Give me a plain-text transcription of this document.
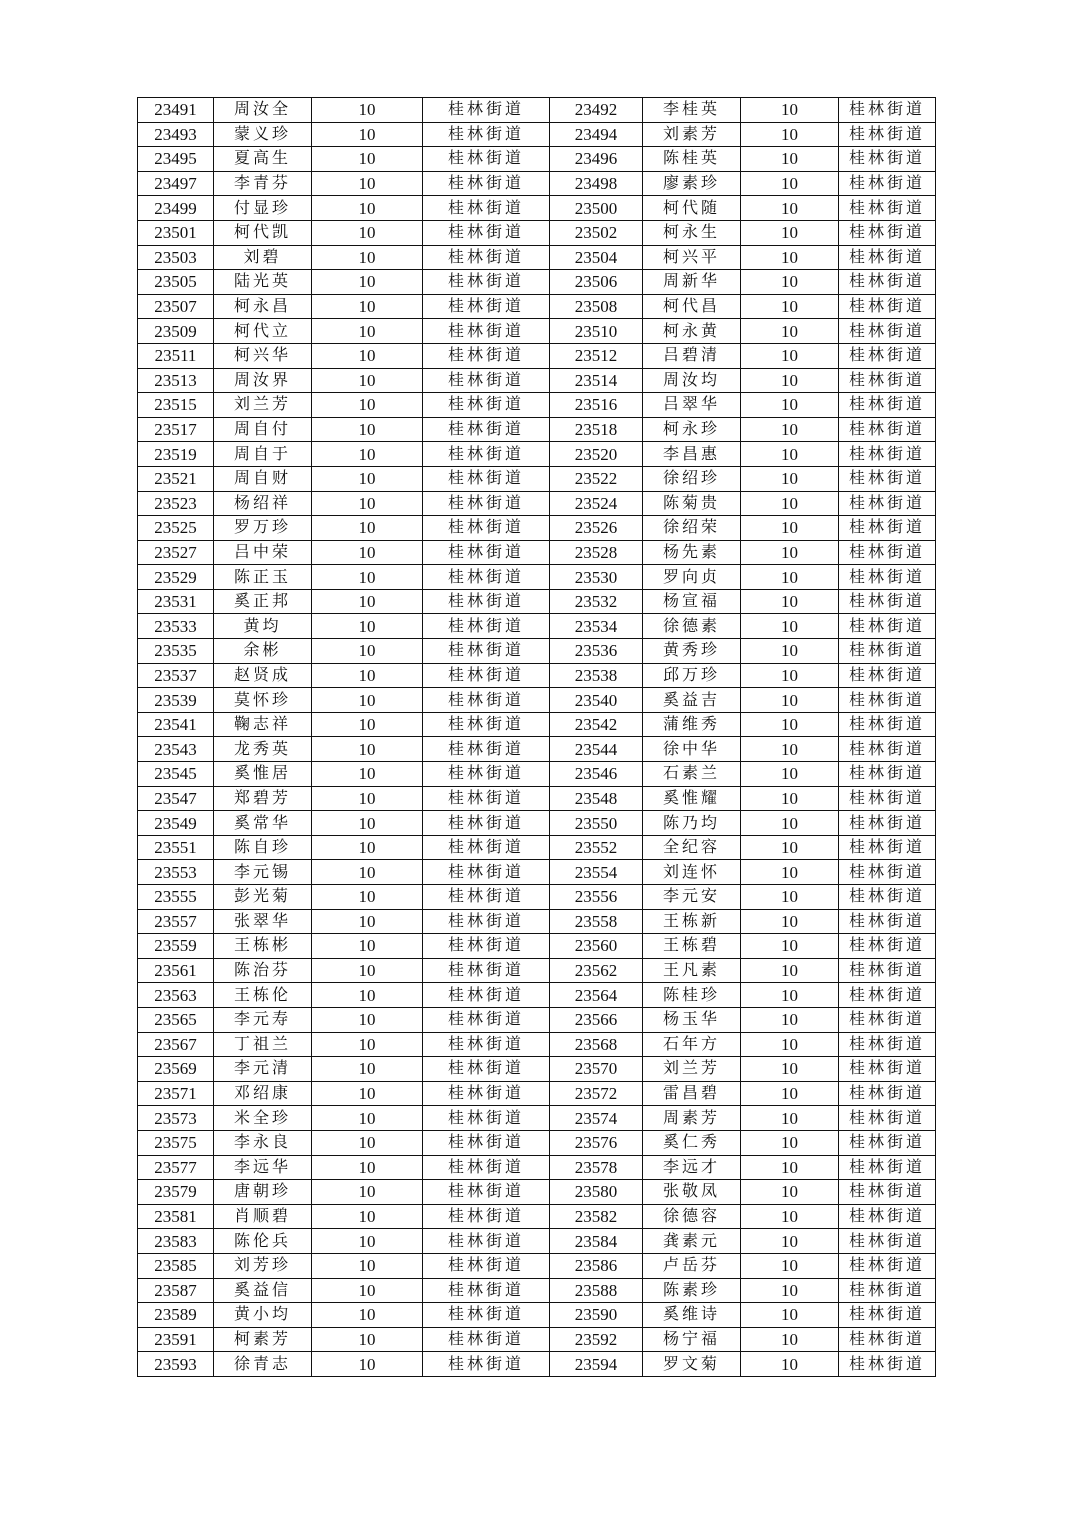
23491	周汝全	10	桂林街道	23492	李桂英	10	桂林街道
23493	蒙义珍	10	桂林街道	23494	刘素芳	10	桂林街道
23495	夏高生	10	桂林街道	23496	陈桂英	10	桂林街道
23497	李青芬	10	桂林街道	23498	廖素珍	10	桂林街道
23499	付显珍	10	桂林街道	23500	柯代随	10	桂林街道
23501	柯代凯	10	桂林街道	23502	柯永生	10	桂林街道
23503	刘碧	10	桂林街道	23504	柯兴平	10	桂林街道
23505	陆光英	10	桂林街道	23506	周新华	10	桂林街道
23507	柯永昌	10	桂林街道	23508	柯代昌	10	桂林街道
23509	柯代立	10	桂林街道	23510	柯永黄	10	桂林街道
23511	柯兴华	10	桂林街道	23512	吕碧清	10	桂林街道
23513	周汝界	10	桂林街道	23514	周汝均	10	桂林街道
23515	刘兰芳	10	桂林街道	23516	吕翠华	10	桂林街道
23517	周自付	10	桂林街道	23518	柯永珍	10	桂林街道
23519	周自于	10	桂林街道	23520	李昌惠	10	桂林街道
23521	周自财	10	桂林街道	23522	徐绍珍	10	桂林街道
23523	杨绍祥	10	桂林街道	23524	陈菊贵	10	桂林街道
23525	罗万珍	10	桂林街道	23526	徐绍荣	10	桂林街道
23527	吕中荣	10	桂林街道	23528	杨先素	10	桂林街道
23529	陈正玉	10	桂林街道	23530	罗向贞	10	桂林街道
23531	奚正邦	10	桂林街道	23532	杨宣福	10	桂林街道
23533	黄均	10	桂林街道	23534	徐德素	10	桂林街道
23535	余彬	10	桂林街道	23536	黄秀珍	10	桂林街道
23537	赵贤成	10	桂林街道	23538	邱万珍	10	桂林街道
23539	莫怀珍	10	桂林街道	23540	奚益吉	10	桂林街道
23541	鞠志祥	10	桂林街道	23542	蒲维秀	10	桂林街道
23543	龙秀英	10	桂林街道	23544	徐中华	10	桂林街道
23545	奚惟居	10	桂林街道	23546	石素兰	10	桂林街道
23547	郑碧芳	10	桂林街道	23548	奚惟耀	10	桂林街道
23549	奚常华	10	桂林街道	23550	陈乃均	10	桂林街道
23551	陈自珍	10	桂林街道	23552	全纪容	10	桂林街道
23553	李元锡	10	桂林街道	23554	刘连怀	10	桂林街道
23555	彭光菊	10	桂林街道	23556	李元安	10	桂林街道
23557	张翠华	10	桂林街道	23558	王栋新	10	桂林街道
23559	王栋彬	10	桂林街道	23560	王栋碧	10	桂林街道
23561	陈治芬	10	桂林街道	23562	王凡素	10	桂林街道
23563	王栋伦	10	桂林街道	23564	陈桂珍	10	桂林街道
23565	李元寿	10	桂林街道	23566	杨玉华	10	桂林街道
23567	丁祖兰	10	桂林街道	23568	石年方	10	桂林街道
23569	李元清	10	桂林街道	23570	刘兰芳	10	桂林街道
23571	邓绍康	10	桂林街道	23572	雷昌碧	10	桂林街道
23573	米全珍	10	桂林街道	23574	周素芳	10	桂林街道
23575	李永良	10	桂林街道	23576	奚仁秀	10	桂林街道
23577	李远华	10	桂林街道	23578	李远才	10	桂林街道
23579	唐朝珍	10	桂林街道	23580	张敬凤	10	桂林街道
23581	肖顺碧	10	桂林街道	23582	徐德容	10	桂林街道
23583	陈伦兵	10	桂林街道	23584	龚素元	10	桂林街道
23585	刘芳珍	10	桂林街道	23586	卢岳芬	10	桂林街道
23587	奚益信	10	桂林街道	23588	陈素珍	10	桂林街道
23589	黄小均	10	桂林街道	23590	奚维诗	10	桂林街道
23591	柯素芳	10	桂林街道	23592	杨宁福	10	桂林街道
23593	徐青志	10	桂林街道	23594	罗文菊	10	桂林街道
